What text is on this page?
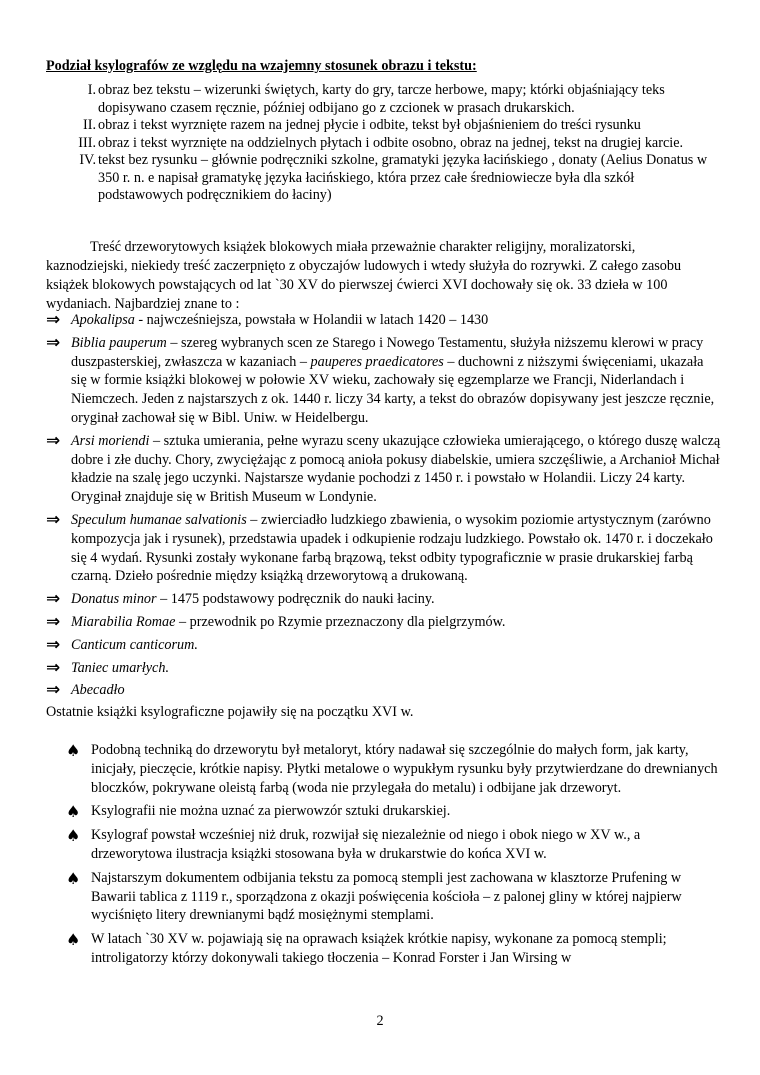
Podział ksylografów ze względu na wzajemny stosunek obrazu i tekstu:

I. obraz bez tekstu – wizerunki świętych, karty do gry, tarcze herbowe, mapy; którki objaśniający teks dopisywano czasem ręcznie, później odbijano go z czcionek w prasach drukarskich.
II. obraz i tekst wyrznięte razem na jednej płycie i odbite, tekst był objaśnieniem do treści rysunku
III. obraz i tekst wyrznięte na oddzielnych płytach i odbite osobno, obraz na jednej, tekst na drugiej karcie.
IV. tekst bez rysunku – głównie podręczniki szkolne, gramatyki języka łacińskiego , donaty (Aelius Donatus w 350 r. n. e napisał gramatykę języka łacińskiego, która przez całe średniowiecze była dla szkół podstawowych podręcznikiem do łaciny)

Treść drzeworytowych książek blokowych miała przeważnie charakter religijny, moralizatorski, kaznodziejski, niekiedy treść zaczerpnięto z obyczajów ludowych i wtedy służyła do rozrywki. Z całego zasobu książek blokowych powstających od lat `30 XV do pierwszej ćwierci XVI dochowały się ok. 33 dzieła w 100 wydaniach. Najbardziej znane to :

⇒ Apokalipsa - najwcześniejsza, powstała w Holandii w latach 1420 – 1430
⇒ Biblia pauperum – szereg wybranych scen ze Starego i Nowego Testamentu, służyła niższemu klerowi w pracy duszpasterskiej, zwłaszcza w kazaniach – pauperes praedicatores – duchowni z niższymi święceniami, ukazała się w formie książki blokowej w połowie XV wieku, zachowały się egzemplarze we Francji, Niderlandach i Niemczech. Jeden z najstarszych z ok. 1440 r. liczy 34 karty, a tekst do obrazów dopisywany jest jeszcze ręcznie, oryginał zachował się w Bibl. Uniw. w Heidelbergu.
⇒ Arsi moriendi – sztuka umierania, pełne wyrazu sceny ukazujące człowieka umierającego, o którego duszę walczą dobre i złe duchy. Chory, zwyciężając z pomocą anioła pokusy diabelskie, umiera szczęśliwie, a Archanioł Michał kładzie na szalę jego uczynki. Najstarsze wydanie pochodzi z 1450 r. i powstało w Holandii. Liczy 24 karty. Oryginał znajduje się w British Museum w Londynie.
⇒ Speculum humanae salvationis – zwierciadło ludzkiego zbawienia, o wysokim poziomie artystycznym (zarówno kompozycja jak i rysunek), przedstawia upadek i odkupienie rodzaju ludzkiego. Powstało ok. 1470 r. i doczekało się 4 wydań. Rysunki zostały wykonane farbą brązową, tekst odbity typograficznie w prasie drukarskiej farbą czarną. Dzieło pośrednie między książką drzeworytową a drukowaną.
⇒ Donatus minor – 1475 podstawowy podręcznik do nauki łaciny.
⇒ Miarabilia Romae – przewodnik po Rzymie przeznaczony dla pielgrzymów.
⇒ Canticum canticorum.
⇒ Taniec umarłych.
⇒ Abecadło

Ostatnie książki ksylograficzne pojawiły się na początku XVI w.

♠ Podobną techniką do drzeworytu był metaloryt, który nadawał się szczególnie do małych form, jak karty, inicjały, pieczęcie, krótkie napisy. Płytki metalowe o wypukłym rysunku były przytwierdzane do drewnianych bloczków, pokrywane oleistą farbą (woda nie przylegała do metalu) i odbijane jak drzeworyt.
♠ Ksylografii nie można uznać za pierwowzór sztuki drukarskiej.
♠ Ksylograf powstał wcześniej niż druk, rozwijał się niezależnie od niego i obok niego w XV w., a drzeworytowa ilustracja książki stosowana była w drukarstwie do końca XVI w.
♠ Najstarszym dokumentem odbijania tekstu za pomocą stempli jest zachowana w klasztorze Prufening w Bawarii tablica z 1119 r., sporządzona z okazji poświęcenia kościoła – z palonej gliny w której najpierw wyciśnięto litery drewnianymi bądź mosiężnymi stemplami.
♠ W latach `30 XV w. pojawiają się na oprawach książek krótkie napisy, wykonane za pomocą stempli; introligatorzy którzy dokonywali takiego tłoczenia – Konrad Forster i Jan Wirsing w

2
